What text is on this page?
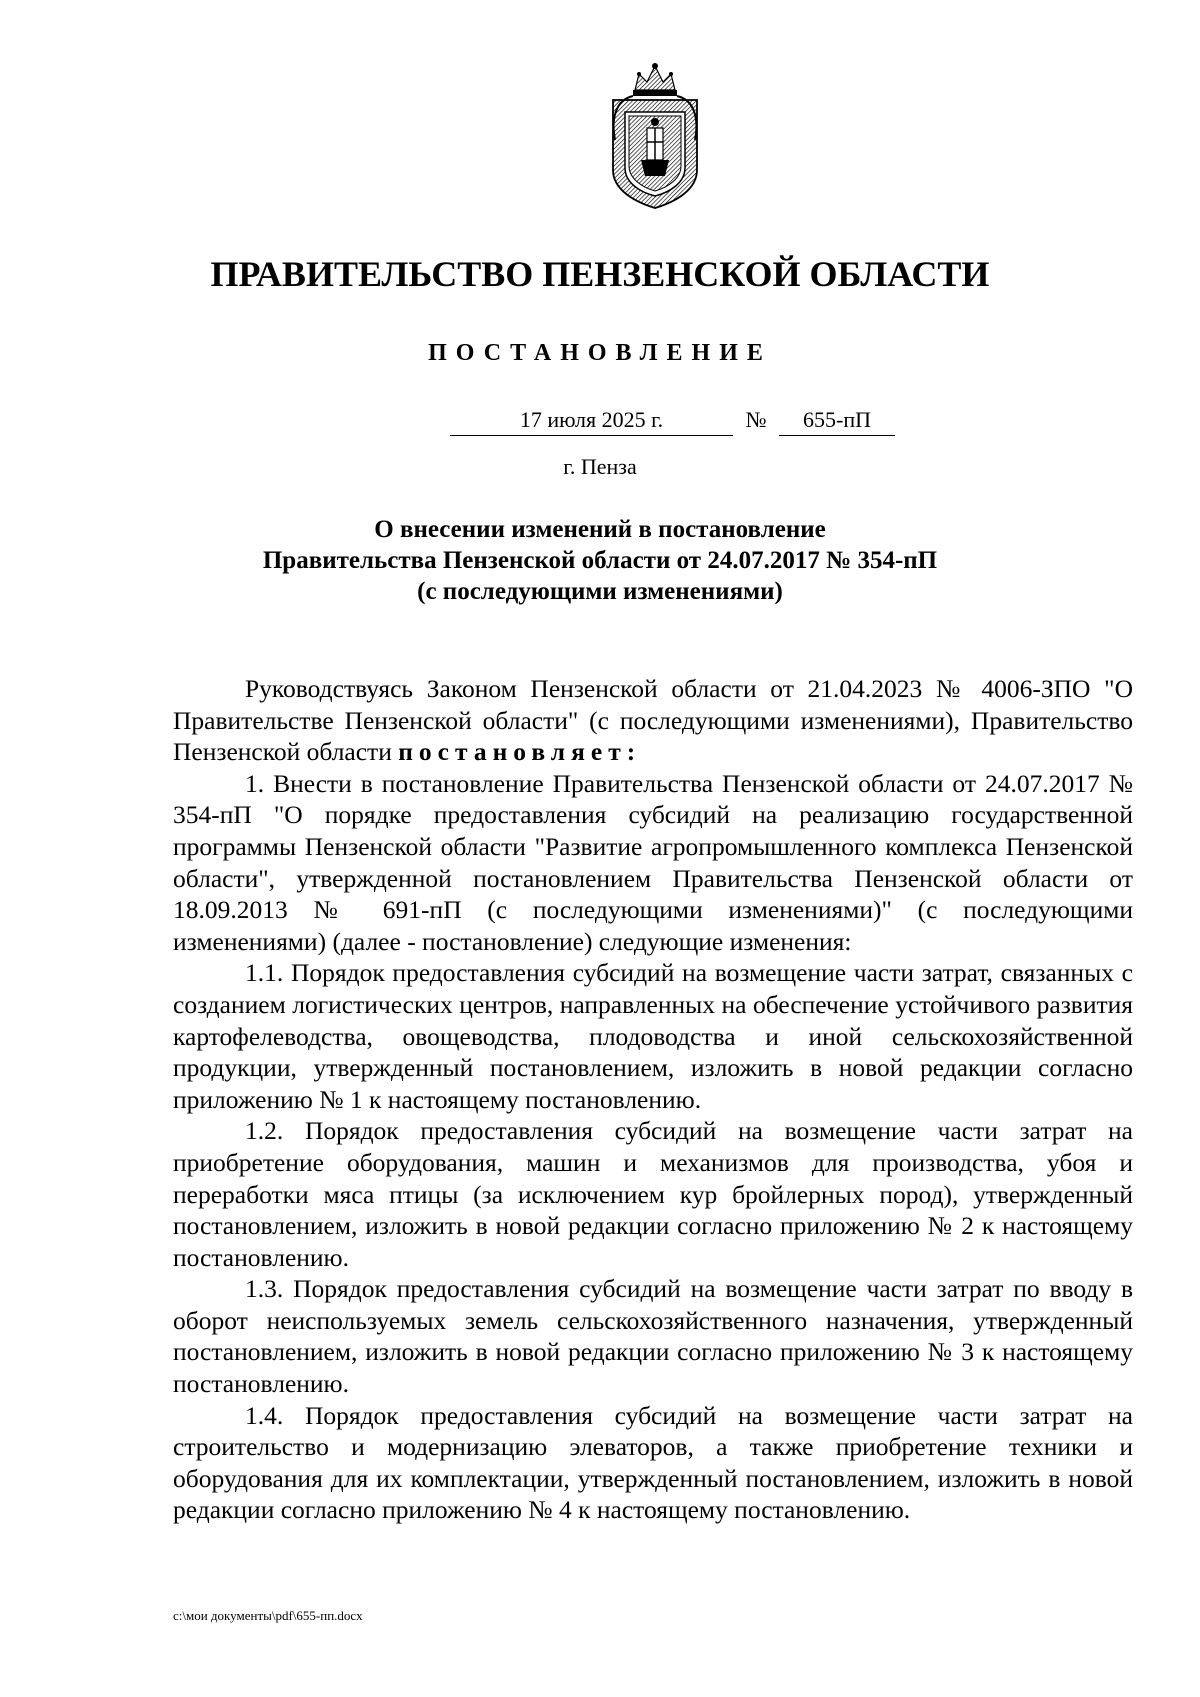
ПРАВИТЕЛЬСТВО ПЕНЗЕНСКОЙ ОБЛАСТИ
ПОСТАНОВЛЕНИЕ
17 июля 2025 г.	№	655-пП
г. Пенза
О внесении изменений в постановление
Правительства Пензенской области от 24.07.2017 № 354-пП
(с последующими изменениями)

Руководствуясь Законом Пензенской области от 21.04.2023 № 4006-ЗПО "О Правительстве Пензенской области" (с последующими изменениями), Правительство Пензенской области постановляет:

1. Внести в постановление Правительства Пензенской области от 24.07.2017 № 354-пП "О порядке предоставления субсидий на реализацию государственной программы Пензенской области "Развитие агропромышленного комплекса Пензенской области", утвержденной постановлением Правительства Пензенской области от 18.09.2013 № 691-пП (с последующими изменениями)" (с последующими изменениями) (далее - постановление) следующие изменения:

1.1. Порядок предоставления субсидий на возмещение части затрат, связанных с созданием логистических центров, направленных на обеспечение устойчивого развития картофелеводства, овощеводства, плодоводства и иной сельскохозяйственной продукции, утвержденный постановлением, изложить в новой редакции согласно приложению № 1 к настоящему постановлению.

1.2. Порядок предоставления субсидий на возмещение части затрат на приобретение оборудования, машин и механизмов для производства, убоя и переработки мяса птицы (за исключением кур бройлерных пород), утвержденный постановлением, изложить в новой редакции согласно приложению № 2 к настоящему постановлению.

1.3. Порядок предоставления субсидий на возмещение части затрат по вводу в оборот неиспользуемых земель сельскохозяйственного назначения, утвержденный постановлением, изложить в новой редакции согласно приложению № 3 к настоящему постановлению.

1.4. Порядок предоставления субсидий на возмещение части затрат на строительство и модернизацию элеваторов, а также приобретение техники и оборудования для их комплектации, утвержденный постановлением, изложить в новой редакции согласно приложению № 4 к настоящему постановлению.

c:\мои документы\pdf\655-пп.docx
